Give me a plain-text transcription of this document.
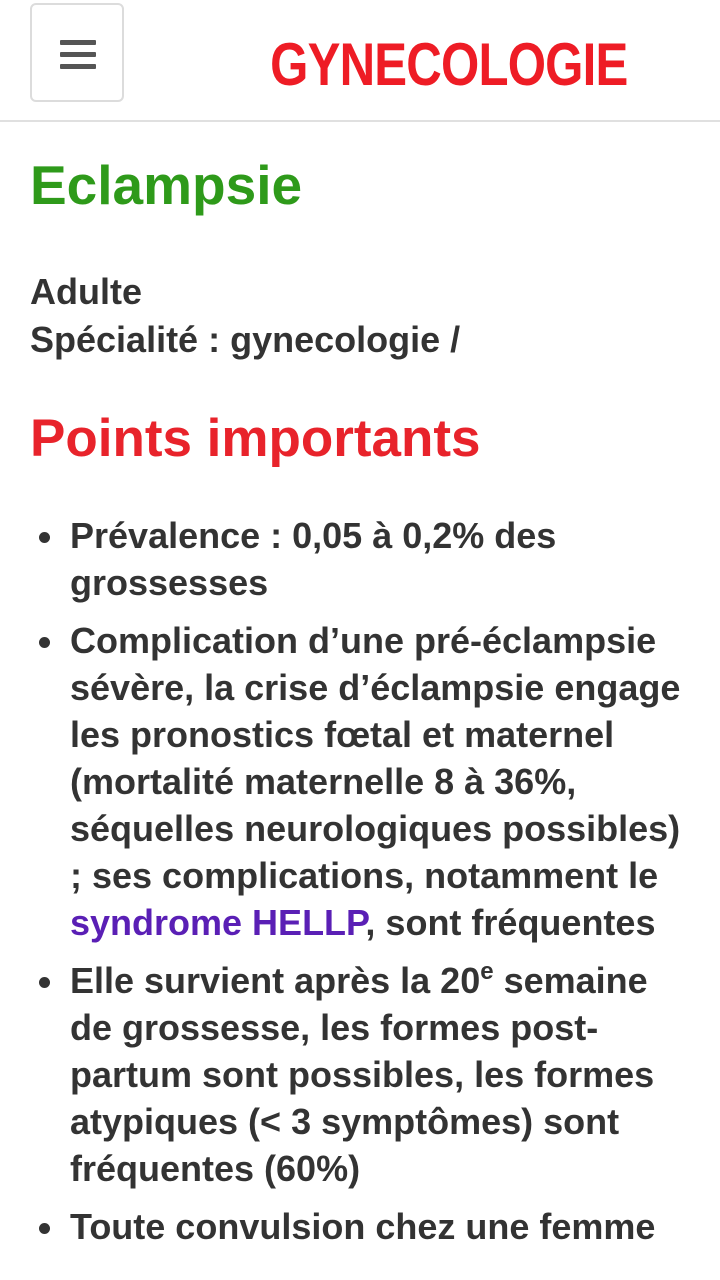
GYNECOLOGIE
Eclampsie
Adulte
Spécialité : gynecologie /
Points importants
Prévalence : 0,05 à 0,2% des grossesses
Complication d’une pré-éclampsie sévère, la crise d’éclampsie engage les pronostics fœtal et maternel (mortalité maternelle 8 à 36%, séquelles neurologiques possibles) ; ses complications, notamment le syndrome HELLP, sont fréquentes
Elle survient après la 20e semaine de grossesse, les formes post-partum sont possibles, les formes atypiques (< 3 symptômes) sont fréquentes (60%)
Toute convulsion chez une femme
